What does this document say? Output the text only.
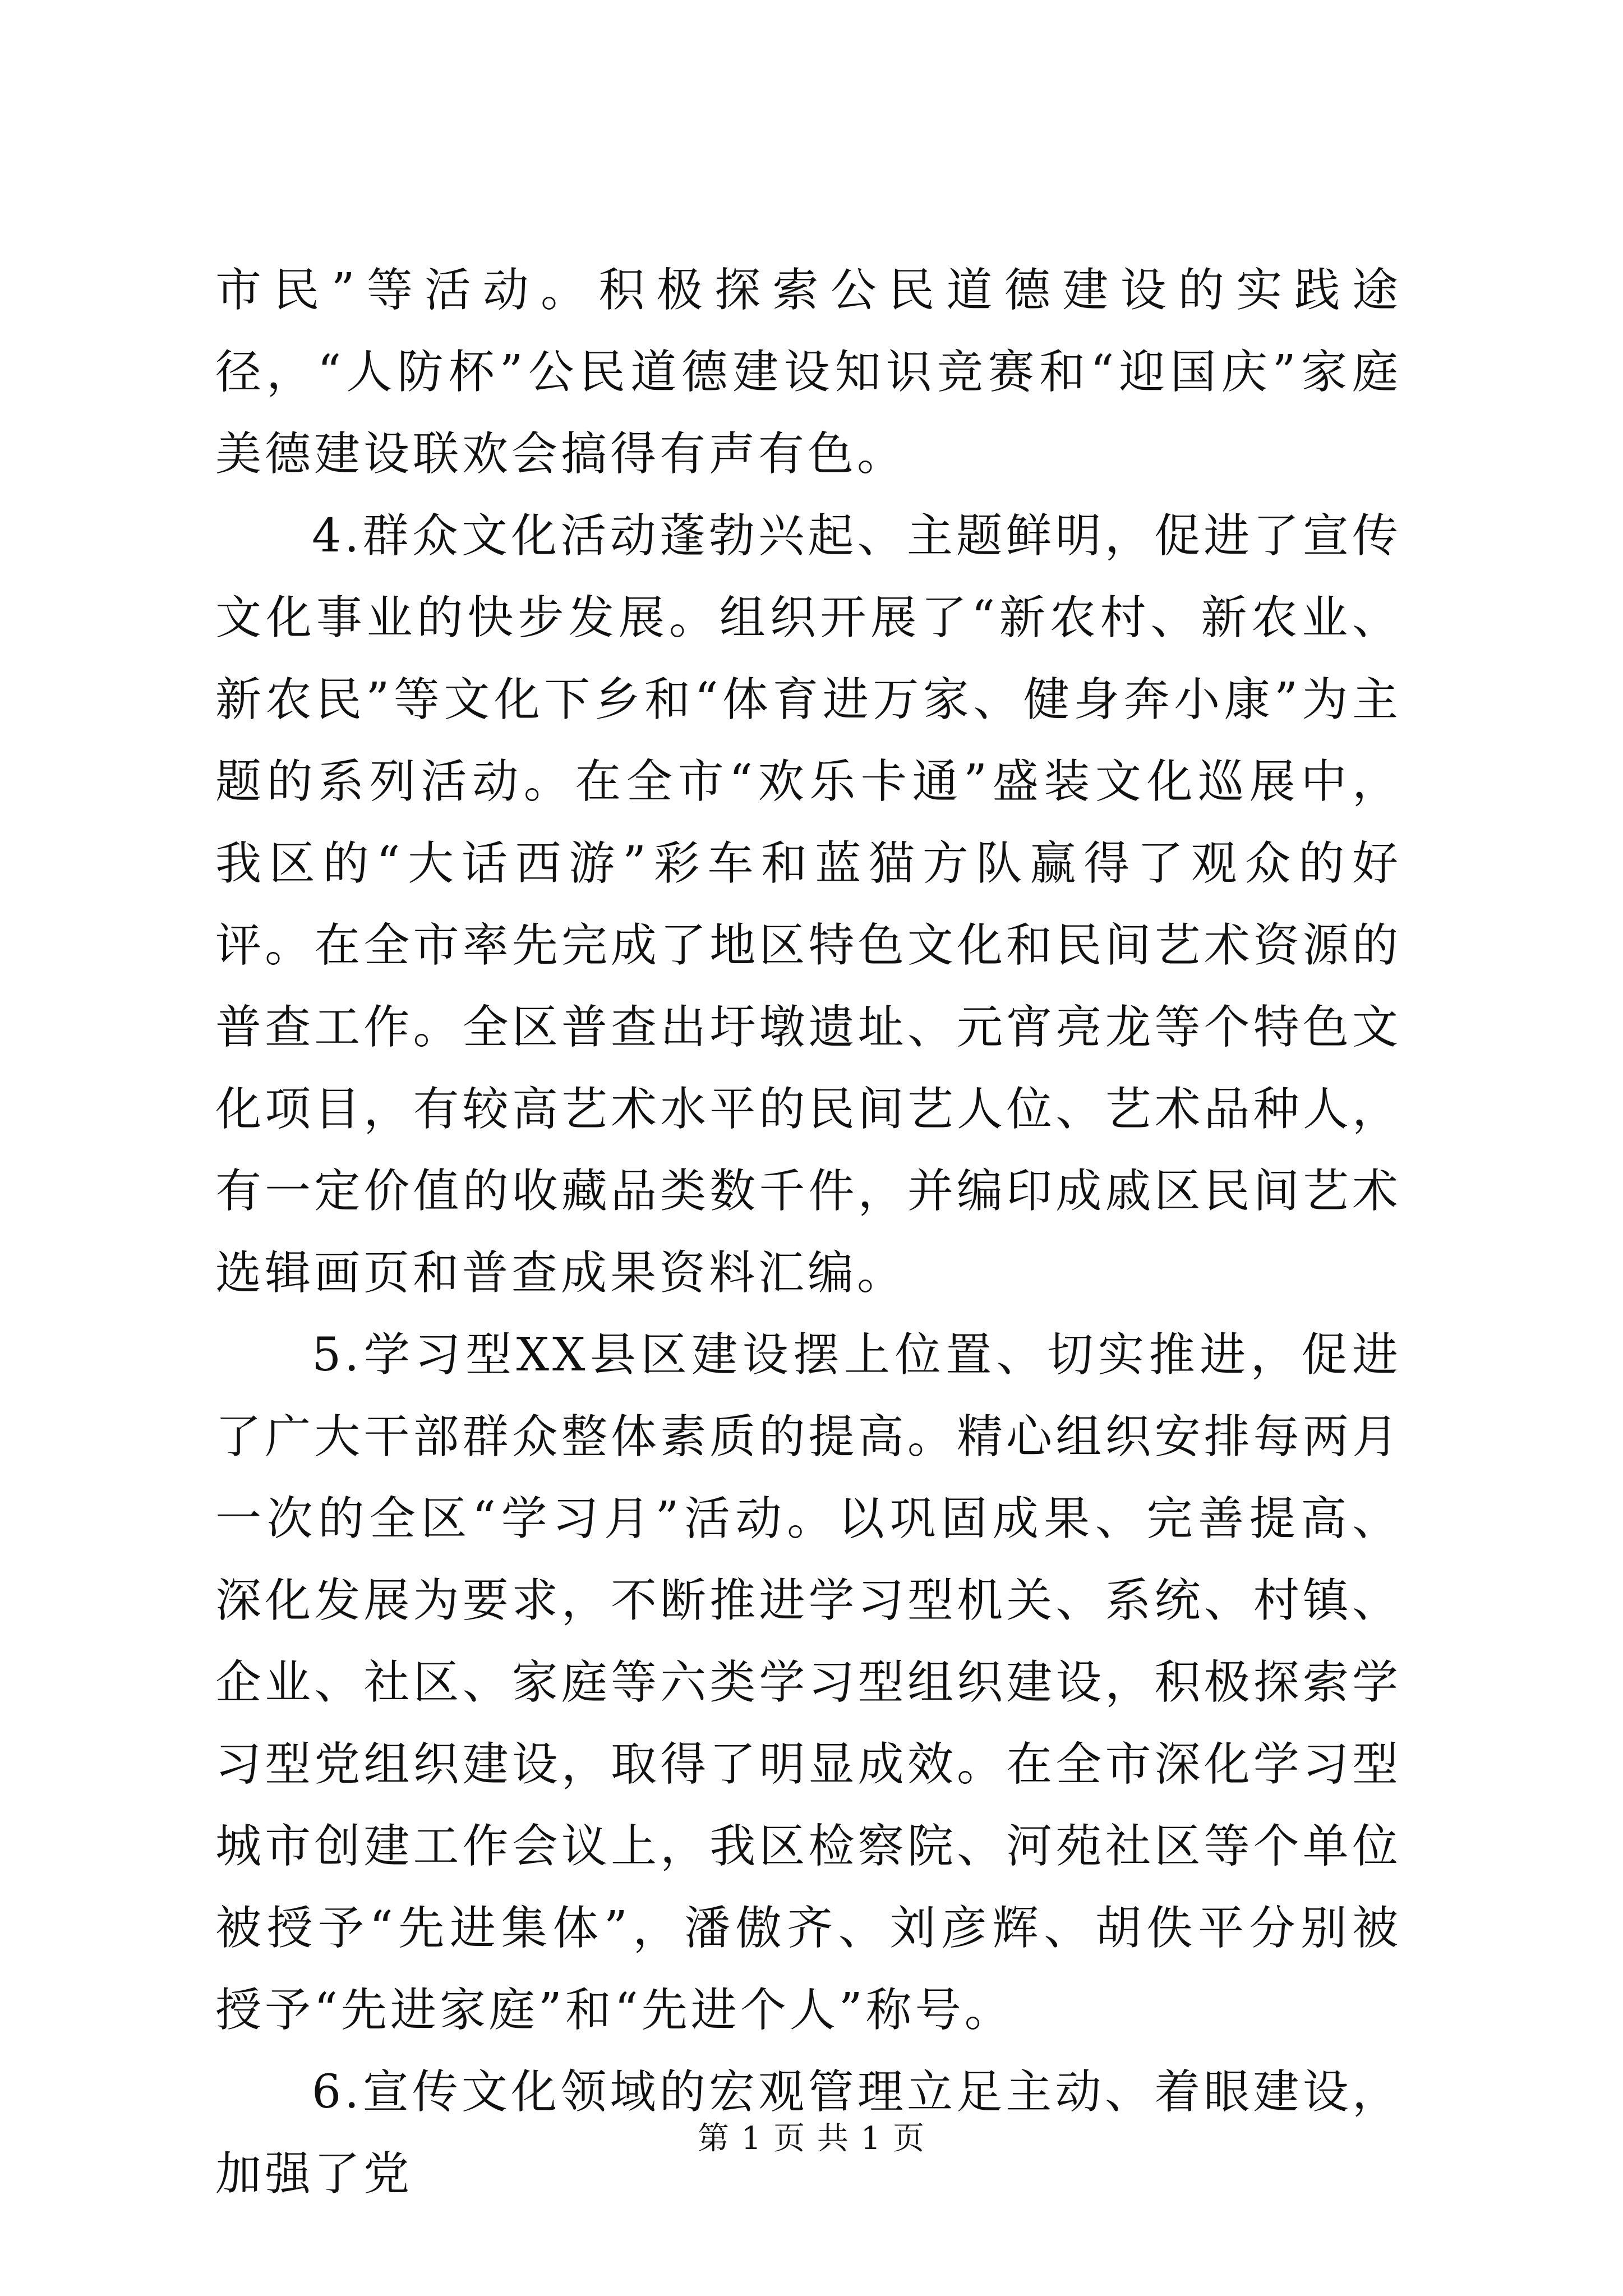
市民”等活动。积极探索公民道德建设的实践途径，“人防杯”公民道德建设知识竞赛和“迎国庆”家庭美德建设联欢会搞得有声有色。

4.群众文化活动蓬勃兴起、主题鲜明，促进了宣传文化事业的快步发展。组织开展了“新农村、新农业、新农民”等文化下乡和“体育进万家、健身奔小康”为主题的系列活动。在全市“欢乐卡通”盛装文化巡展中，我区的“大话西游”彩车和蓝猫方队赢得了观众的好评。在全市率先完成了地区特色文化和民间艺术资源的普查工作。全区普查出圩墩遗址、元宵亮龙等个特色文化项目，有较高艺术水平的民间艺人位、艺术品种人，有一定价值的收藏品类数千件，并编印成戚区民间艺术选辑画页和普查成果资料汇编。

5.学习型XX县区建设摆上位置、切实推进，促进了广大干部群众整体素质的提高。精心组织安排每两月一次的全区“学习月”活动。以巩固成果、完善提高、深化发展为要求，不断推进学习型机关、系统、村镇、企业、社区、家庭等六类学习型组织建设，积极探索学习型党组织建设，取得了明显成效。在全市深化学习型城市创建工作会议上，我区检察院、河苑社区等个单位被授予“先进集体”，潘傲齐、刘彦辉、胡佚平分别被授予“先进家庭”和“先进个人”称号。

6.宣传文化领域的宏观管理立足主动、着眼建设，加强了党

第 1 页 共 1 页
